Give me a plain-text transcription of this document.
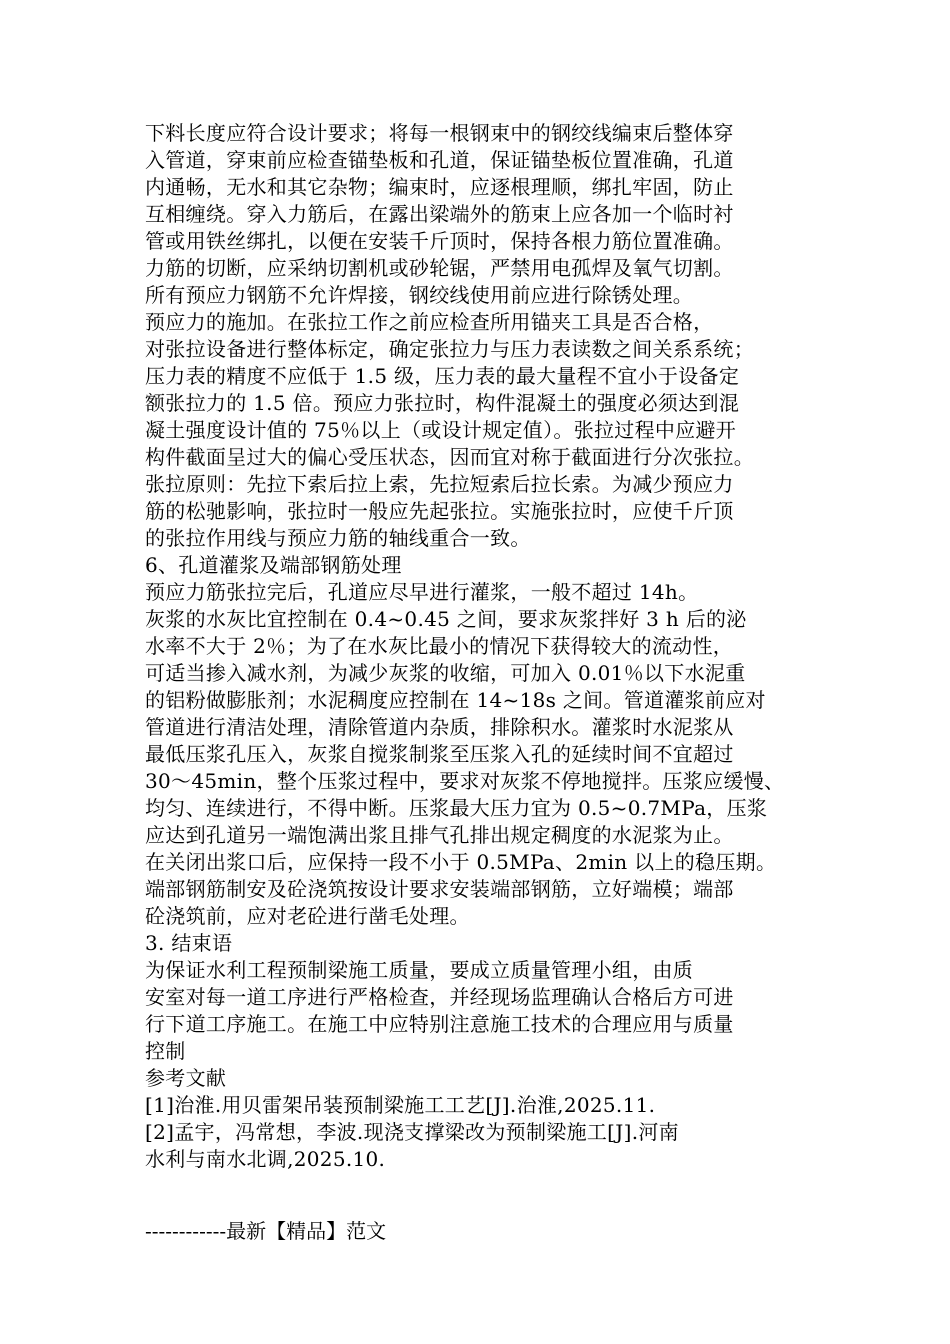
下料长度应符合设计要求；将每一根钢束中的钢绞线编束后整体穿
入管道，穿束前应检查锚垫板和孔道，保证锚垫板位置准确，孔道
内通畅，无水和其它杂物；编束时，应逐根理顺，绑扎牢固，防止
互相缠绕。穿入力筋后，在露出梁端外的筋束上应各加一个临时衬
管或用铁丝绑扎，以便在安装千斤顶时，保持各根力筋位置准确。
力筋的切断，应采纳切割机或砂轮锯，严禁用电孤焊及氧气切割。
所有预应力钢筋不允许焊接，钢绞线使用前应进行除锈处理。
预应力的施加。在张拉工作之前应检查所用锚夹工具是否合格，
对张拉设备进行整体标定，确定张拉力与压力表读数之间关系系统；
压力表的精度不应低于 1.5 级，压力表的最大量程不宜小于设备定
额张拉力的 1.5 倍。预应力张拉时，构件混凝土的强度必须达到混
凝土强度设计值的 75％以上（或设计规定值）。张拉过程中应避开
构件截面呈过大的偏心受压状态，因而宜对称于截面进行分次张拉。
张拉原则：先拉下索后拉上索，先拉短索后拉长索。为减少预应力
筋的松驰影响，张拉时一般应先起张拉。实施张拉时，应使千斤顶
的张拉作用线与预应力筋的轴线重合一致。
6、孔道灌浆及端部钢筋处理
预应力筋张拉完后，孔道应尽早进行灌浆，一般不超过 14h。
灰浆的水灰比宜控制在 0.4~0.45 之间，要求灰浆拌好 3 h 后的泌
水率不大于 2％；为了在水灰比最小的情况下获得较大的流动性，
可适当掺入减水剂，为减少灰浆的收缩，可加入 0.01％以下水泥重
的铝粉做膨胀剂；水泥稠度应控制在 14~18s 之间。管道灌浆前应对
管道进行清洁处理，清除管道内杂质，排除积水。灌浆时水泥浆从
最低压浆孔压入，灰浆自搅浆制浆至压浆入孔的延续时间不宜超过
30～45min，整个压浆过程中，要求对灰浆不停地搅拌。压浆应缓慢、
均匀、连续进行，不得中断。压浆最大压力宜为 0.5~0.7MPa，压浆
应达到孔道另一端饱满出浆且排气孔排出规定稠度的水泥浆为止。
在关闭出浆口后，应保持一段不小于 0.5MPa、2min 以上的稳压期。
端部钢筋制安及砼浇筑按设计要求安装端部钢筋，立好端模；端部
砼浇筑前，应对老砼进行凿毛处理。
3. 结束语
为保证水利工程预制梁施工质量，要成立质量管理小组，由质
安室对每一道工序进行严格检查，并经现场监理确认合格后方可进
行下道工序施工。在施工中应特别注意施工技术的合理应用与质量
控制
参考文献
[1]治淮.用贝雷架吊装预制梁施工工艺[J].治淮,2025.11.
[2]孟宇，冯常想，李波.现浇支撑梁改为预制梁施工[J].河南
水利与南水北调,2025.10.
------------最新【精品】范文
